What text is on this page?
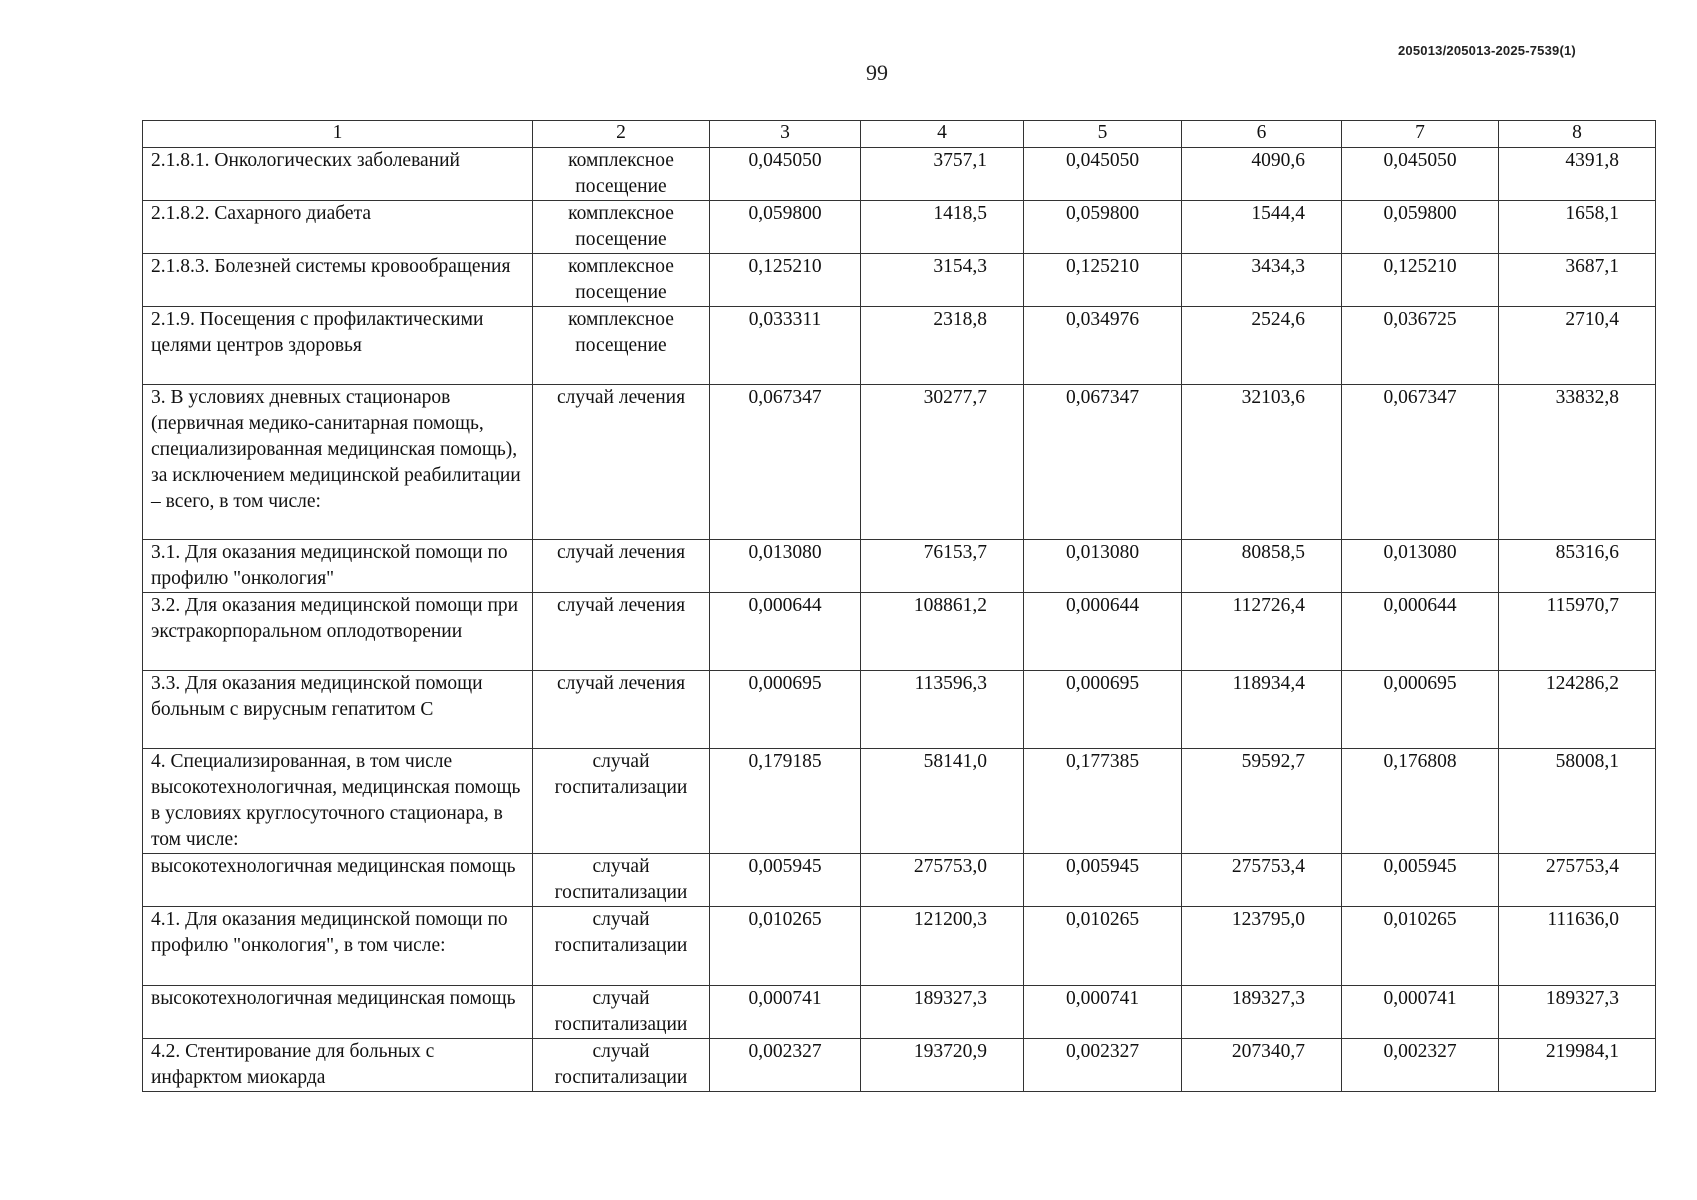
205013/205013-2025-7539(1)
99
1	2	3	4	5	6	7	8
2.1.8.1. Онкологических заболеваний	комплексное посещение	0,045050	3757,1	0,045050	4090,6	0,045050	4391,8
2.1.8.2. Сахарного диабета	комплексное посещение	0,059800	1418,5	0,059800	1544,4	0,059800	1658,1
2.1.8.3. Болезней системы кровообращения	комплексное посещение	0,125210	3154,3	0,125210	3434,3	0,125210	3687,1
2.1.9. Посещения с профилактическими целями центров здоровья	комплексное посещение	0,033311	2318,8	0,034976	2524,6	0,036725	2710,4
3. В условиях дневных стационаров (первичная медико-санитарная помощь, специализированная медицинская помощь), за исключением медицинской реабилитации – всего, в том числе:	случай лечения	0,067347	30277,7	0,067347	32103,6	0,067347	33832,8
3.1. Для оказания медицинской помощи по профилю "онкология"	случай лечения	0,013080	76153,7	0,013080	80858,5	0,013080	85316,6
3.2. Для оказания медицинской помощи при экстракорпоральном оплодотворении	случай лечения	0,000644	108861,2	0,000644	112726,4	0,000644	115970,7
3.3. Для оказания медицинской помощи больным с вирусным гепатитом С	случай лечения	0,000695	113596,3	0,000695	118934,4	0,000695	124286,2
4. Специализированная, в том числе высокотехнологичная, медицинская помощь в условиях круглосуточного стационара, в том числе:	случай госпитализации	0,179185	58141,0	0,177385	59592,7	0,176808	58008,1
высокотехнологичная медицинская помощь	случай госпитализации	0,005945	275753,0	0,005945	275753,4	0,005945	275753,4
4.1. Для оказания медицинской помощи по профилю "онкология", в том числе:	случай госпитализации	0,010265	121200,3	0,010265	123795,0	0,010265	111636,0
высокотехнологичная медицинская помощь	случай госпитализации	0,000741	189327,3	0,000741	189327,3	0,000741	189327,3
4.2. Стентирование для больных с инфарктом миокарда	случай госпитализации	0,002327	193720,9	0,002327	207340,7	0,002327	219984,1
